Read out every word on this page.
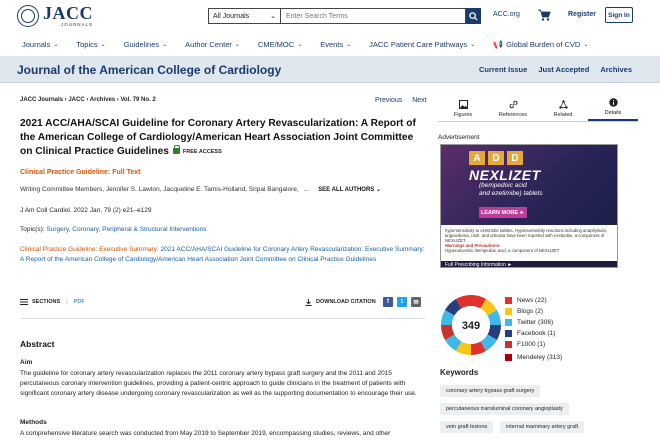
JACC
JOURNALS
All Journals	⌄
Enter Search Terms	ACC.org	Register	Sign In
Journals ⌄ Topics ⌄ Guidelines ⌄ Author Center ⌄ CME/MOC ⌄ Events ⌄ JACC Patient Care Pathways ⌄ 📢 Global Burden of CVD ⌄
Journal of the American College of Cardiology	Current Issue Just Accepted Archives
JACC Journals › JACC › Archives › Vol. 79 No. 2	Previous Next
2021 ACC/AHA/SCAI Guideline for Coronary Artery Revascularization: A Report of the American College of Cardiology/American Heart Association Joint Committee on Clinical Practice Guidelines	FREE ACCESS
Clinical Practice Guideline: Full Text
Writing Committee Members, Jennifer S. Lawton, Jacqueline E. Tamis-Holland, Sripal Bangalore, … SEE ALL AUTHORS ⌄
J Am Coll Cardiol. 2022 Jan, 79 (2) e21–e129
Topic(s): Surgery, Coronary, Peripheral & Structural Interventions
Clinical Practice Guideline: Executive Summary: 2021 ACC/AHA/SCAI Guideline for Coronary Artery Revascularization: Executive Summary: A Report of the American College of Cardiology/American Heart Association Joint Committee on Clinical Practice Guidelines
SECTIONS | PDF	DOWNLOAD CITATION	f	t	✉
Abstract
Aim
The guideline for coronary artery revascularization replaces the 2011 coronary artery bypass graft surgery and the 2011 and 2015 percutaneous coronary intervention guidelines, providing a patient-centric approach to guide clinicians in the treatment of patients with significant coronary artery disease undergoing coronary revascularization as well as the supporting documentation to encourage their use.
Methods
A comprehensive literature search was conducted from May 2019 to September 2019, encompassing studies, reviews, and other
Figures	References	Related	Details
Advertisement
A	D	D
NEXLIZET
(bempedoic acid
and ezetimibe) tablets
LEARN MORE ►
hypersensitivity to ezetimibe tablets. Hypersensitivity reactions including anaphylaxis, angioedema, rash, and urticaria have been reported with ezetimibe, a component of NEXLIZET.
Warnings and Precautions:
Hyperuricemia: Bempedoic acid, a component of NEXLIZET
Full Prescribing Information ►
349
News (22)
Blogs (2)
Twitter (306)
Facebook (1)
F1000 (1)
Mendeley (313)
Keywords
coronary artery bypass graft surgery
percutaneous transluminal coronary angioplasty
vein graft lesions	internal mammary artery graft
